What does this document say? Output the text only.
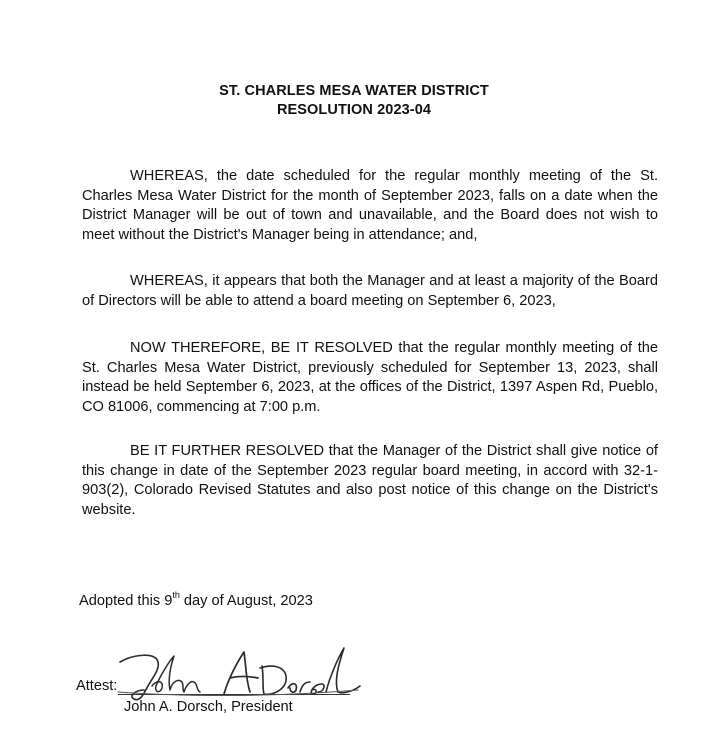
ST. CHARLES MESA WATER DISTRICT
RESOLUTION 2023-04

WHEREAS, the date scheduled for the regular monthly meeting of the St. Charles Mesa Water District for the month of September 2023, falls on a date when the District Manager will be out of town and unavailable, and the Board does not wish to meet without the District's Manager being in attendance; and,

WHEREAS, it appears that both the Manager and at least a majority of the Board of Directors will be able to attend a board meeting on September 6, 2023,

NOW THEREFORE, BE IT RESOLVED that the regular monthly meeting of the St. Charles Mesa Water District, previously scheduled for September 13, 2023, shall instead be held September 6, 2023, at the offices of the District, 1397 Aspen Rd, Pueblo, CO 81006, commencing at 7:00 p.m.

BE IT FURTHER RESOLVED that the Manager of the District shall give notice of this change in date of the September 2023 regular board meeting, in accord with 32-1-903(2), Colorado Revised Statutes and also post notice of this change on the District's website.

Adopted this 9th day of August, 2023
Attest:
John A. Dorsch
John A. Dorsch, President
